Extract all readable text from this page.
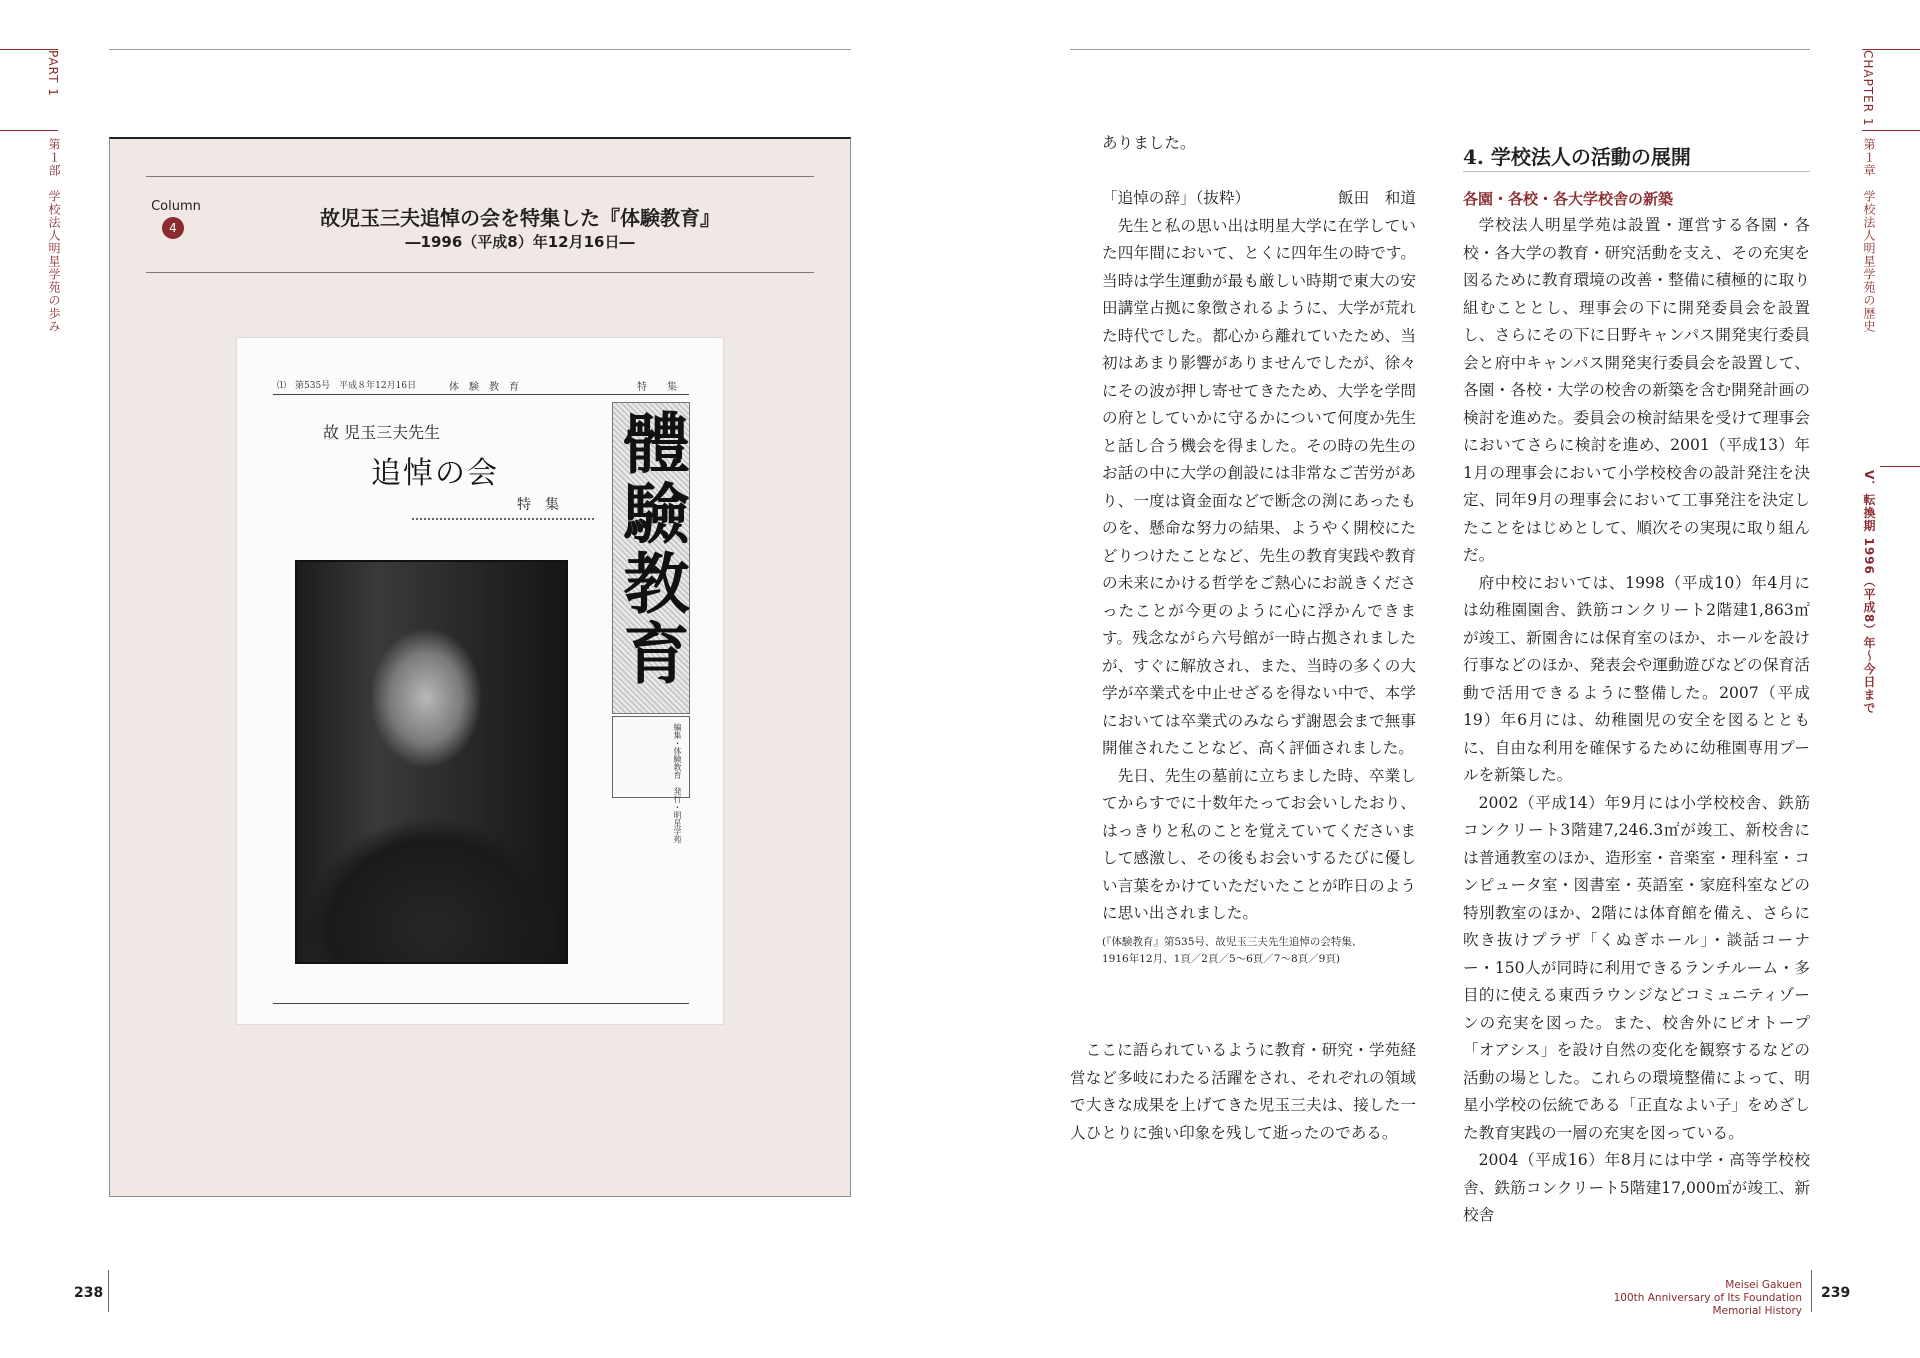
PART 1
第１部　学校法人明星学苑の歩み	Column
4	故児玉三夫追悼の会を特集した『体験教育』
―1996（平成8）年12月16日―
⑴　第535号　平成８年12月16日	体　験　教　育	特　　集
故 児玉三夫先生
追悼の会
特　集 體驗教育
編集・体験教育　発行・明星学苑
238
CHAPTER 1
第１章　学校法人明星学苑の歴史
V．転換期 1996（平成8）年〜今日まで

ありました。

「追悼の辞」（抜粋）	飯田　和道

先生と私の思い出は明星大学に在学していた四年間において、とくに四年生の時です。当時は学生運動が最も厳しい時期で東大の安田講堂占拠に象徴されるように、大学が荒れた時代でした。都心から離れていたため、当初はあまり影響がありませんでしたが、徐々にその波が押し寄せてきたため、大学を学問の府としていかに守るかについて何度か先生と話し合う機会を得ました。その時の先生のお話の中に大学の創設には非常なご苦労があり、一度は資金面などで断念の渕にあったものを、懸命な努力の結果、ようやく開校にたどりつけたことなど、先生の教育実践や教育の未来にかける哲学をご熱心にお説きくださったことが今更のように心に浮かんできます。残念ながら六号館が一時占拠されましたが、すぐに解放され、また、当時の多くの大学が卒業式を中止せざるを得ない中で、本学においては卒業式のみならず謝恩会まで無事開催されたことなど、高く評価されました。

先日、先生の墓前に立ちました時、卒業してからすでに十数年たってお会いしたおり、はっきりと私のことを覚えていてくださいまして感激し、その後もお会いするたびに優しい言葉をかけていただいたことが昨日のように思い出されました。

(『体験教育』第535号、故児玉三夫先生追悼の会特集、

1916年12月、1頁／2頁／5〜6頁／7〜8頁／9頁)

ここに語られているように教育・研究・学苑経営など多岐にわたる活躍をされ、それぞれの領域で大きな成果を上げてきた児玉三夫は、接した一人ひとりに強い印象を残して逝ったのである。

4. 学校法人の活動の展開
各園・各校・各大学校舎の新築

学校法人明星学苑は設置・運営する各園・各校・各大学の教育・研究活動を支え、その充実を図るために教育環境の改善・整備に積極的に取り組むこととし、理事会の下に開発委員会を設置し、さらにその下に日野キャンパス開発実行委員会と府中キャンパス開発実行委員会を設置して、各園・各校・大学の校舎の新築を含む開発計画の検討を進めた。委員会の検討結果を受けて理事会においてさらに検討を進め、2001（平成13）年1月の理事会において小学校校舎の設計発注を決定、同年9月の理事会において工事発注を決定したことをはじめとして、順次その実現に取り組んだ。

府中校においては、1998（平成10）年4月には幼稚園園舎、鉄筋コンクリート2階建1,863㎡が竣工、新園舎には保育室のほか、ホールを設け行事などのほか、発表会や運動遊びなどの保育活動で活用できるように整備した。2007（平成19）年6月には、幼稚園児の安全を図るとともに、自由な利用を確保するために幼稚園専用プールを新築した。

2002（平成14）年9月には小学校校舎、鉄筋コンクリート3階建7,246.3㎡が竣工、新校舎には普通教室のほか、造形室・音楽室・理科室・コンピュータ室・図書室・英語室・家庭科室などの特別教室のほか、2階には体育館を備え、さらに吹き抜けプラザ「くぬぎホール」・談話コーナー・150人が同時に利用できるランチルーム・多目的に使える東西ラウンジなどコミュニティゾーンの充実を図った。また、校舎外にビオトープ「オアシス」を設け自然の変化を観察するなどの活動の場とした。これらの環境整備によって、明星小学校の伝統である「正直なよい子」をめざした教育実践の一層の充実を図っている。

2004（平成16）年8月には中学・高等学校校舎、鉄筋コンクリート5階建17,000㎡が竣工、新校舎

Meisei Gakuen
100th Anniversary of Its Foundation
Memorial History
239
